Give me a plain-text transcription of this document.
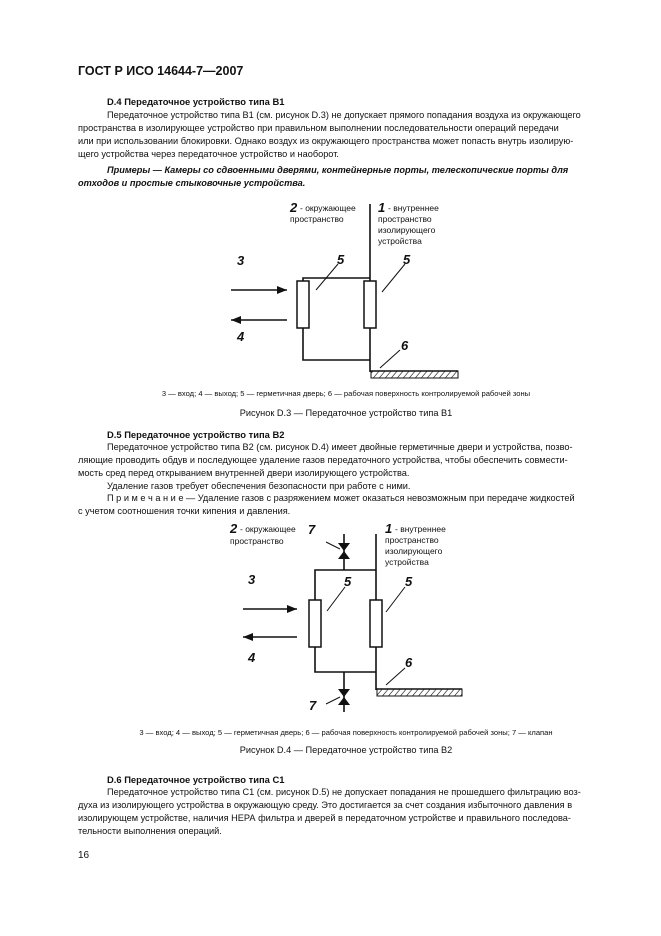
ГОСТ Р ИСО 14644-7—2007
D.4 Передаточное устройство типа В1
Передаточное устройство типа В1 (см. рисунок D.3) не допускает прямого попадания воздуха из окружающего
пространства в изолирующее устройство при правильном выполнении последовательности операций передачи
или при использовании блокировки. Однако воздух из окружающего пространства может попасть внутрь изолирую-
щего устройства через передаточное устройство и наоборот.
Примеры — Камеры со сдвоенными дверями, контейнерные порты, телескопические порты для
отходов и простые стыковочные устройства.
2 - окружающее
пространство
1 - внутреннее
пространство
изолирующего
устройства
3
4
5	5
6
3 — вход; 4 — выход; 5 — герметичная дверь; 6 — рабочая поверхность контролируемой рабочей зоны
Рисунок D.3 — Передаточное устройство типа В1
D.5 Передаточное устройство типа В2
Передаточное устройство типа В2 (см. рисунок D.4) имеет двойные герметичные двери и устройства, позво-
ляющие проводить обдув и последующее удаление газов передаточного устройства, чтобы обеспечить совмести-
мость сред перед открыванием внутренней двери изолирующего устройства.
Удаление газов требует обеспечения безопасности при работе с ними.
П р и м е ч а н и е — Удаление газов с разряжением может оказаться невозможным при передаче жидкостей
с учетом соотношения точки кипения и давления.
2 - окружающее
пространство
1 - внутреннее
пространство
изолирующего
устройства
7
3
4
5	5
6
7
3 — вход; 4 — выход; 5 — герметичная дверь; 6 — рабочая поверхность контролируемой рабочей зоны; 7 — клапан
Рисунок D.4 — Передаточное устройство типа В2
D.6 Передаточное устройство типа С1
Передаточное устройство типа С1 (см. рисунок D.5) не допускает попадания не прошедшего фильтрацию воз-
духа из изолирующего устройства в окружающую среду. Это достигается за счет создания избыточного давления в
изолирующем устройстве, наличия НЕРА фильтра и дверей в передаточном устройстве и правильного последова-
тельности выполнения операций.
16
